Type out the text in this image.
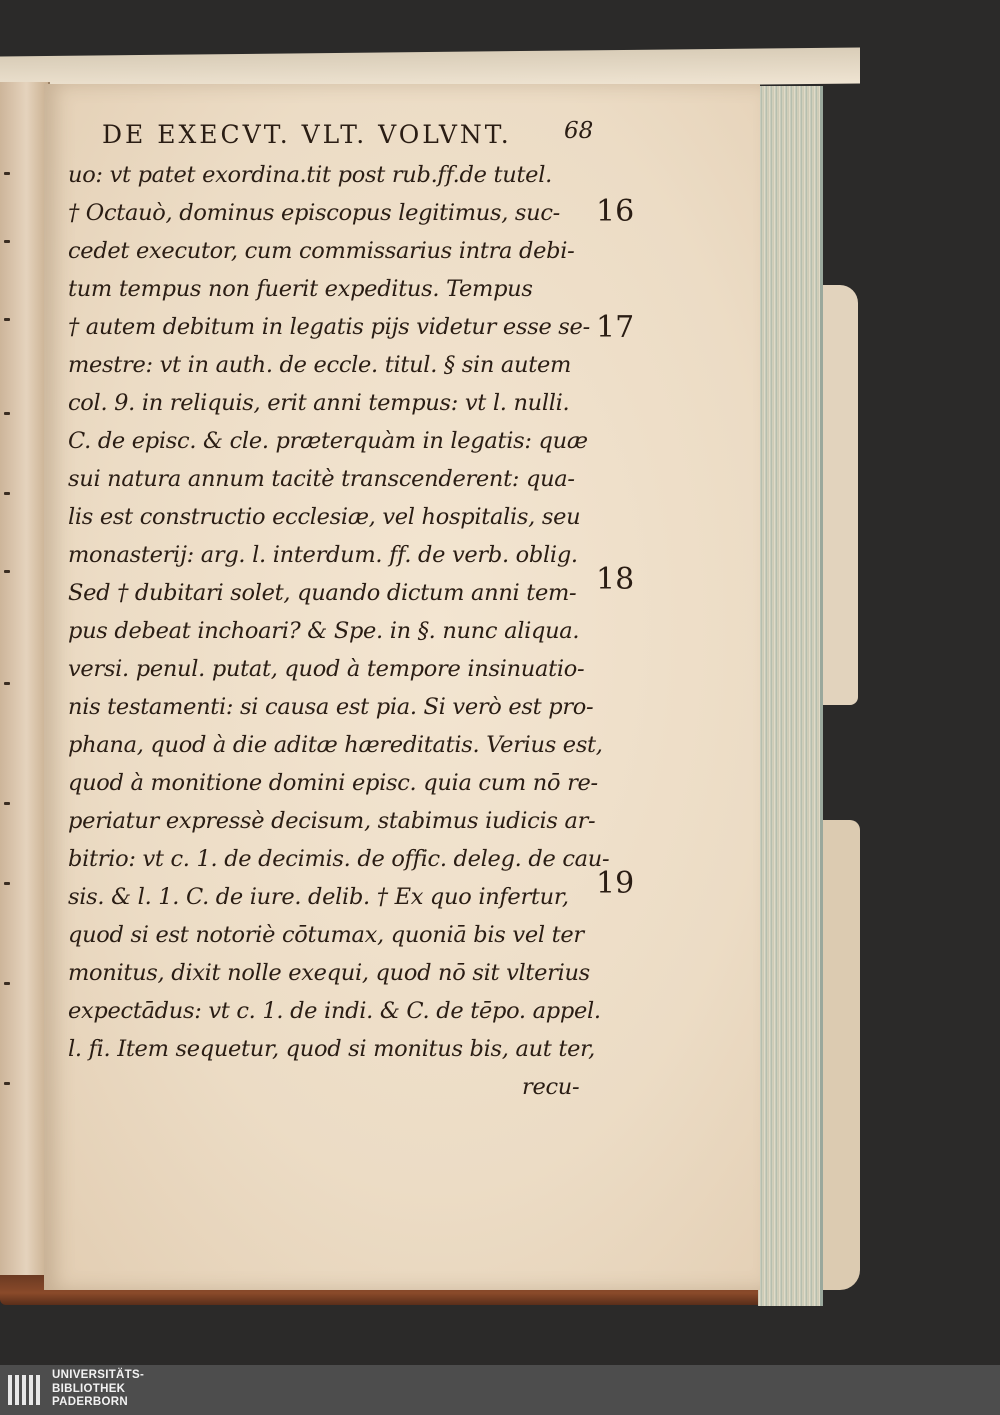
DE EXECVT. VLT. VOLVNT.	68
uo: vt patet exordina.tit post rub.ff.de tutel.
† Octauò, dominus episcopus legitimus, suc-
cedet executor, cum commissarius intra debi-
tum tempus non fuerit expeditus. Tempus
† autem debitum in legatis pijs videtur esse se-
mestre: vt in auth. de eccle. titul. § sin autem
col. 9. in reliquis, erit anni tempus: vt l. nulli.
C. de episc. & cle. præterquàm in legatis: quæ
sui natura annum tacitè transcenderent: qua-
lis est constructio ecclesiæ, vel hospitalis, seu
monasterij: arg. l. interdum. ff. de verb. oblig.
Sed † dubitari solet, quando dictum anni tem-
pus debeat inchoari? & Spe. in §. nunc aliqua.
versi. penul. putat, quod à tempore insinuatio-
nis testamenti: si causa est pia. Si verò est pro-
phana, quod à die aditæ hæreditatis. Verius est,
quod à monitione domini episc. quia cum nō re-
periatur expressè decisum, stabimus iudicis ar-
bitrio: vt c. 1. de decimis. de offic. deleg. de cau-
sis. & l. 1. C. de iure. delib. † Ex quo infertur,
quod si est notoriè cōtumax, quoniā bis vel ter
monitus, dixit nolle exequi, quod nō sit vlterius
expectādus: vt c. 1. de indi. & C. de tēpo. appel.
l. fi. Item sequetur, quod si monitus bis, aut ter,
recu-
16
17
18
19
UNIVERSITÄTS-
BIBLIOTHEK
PADERBORN
